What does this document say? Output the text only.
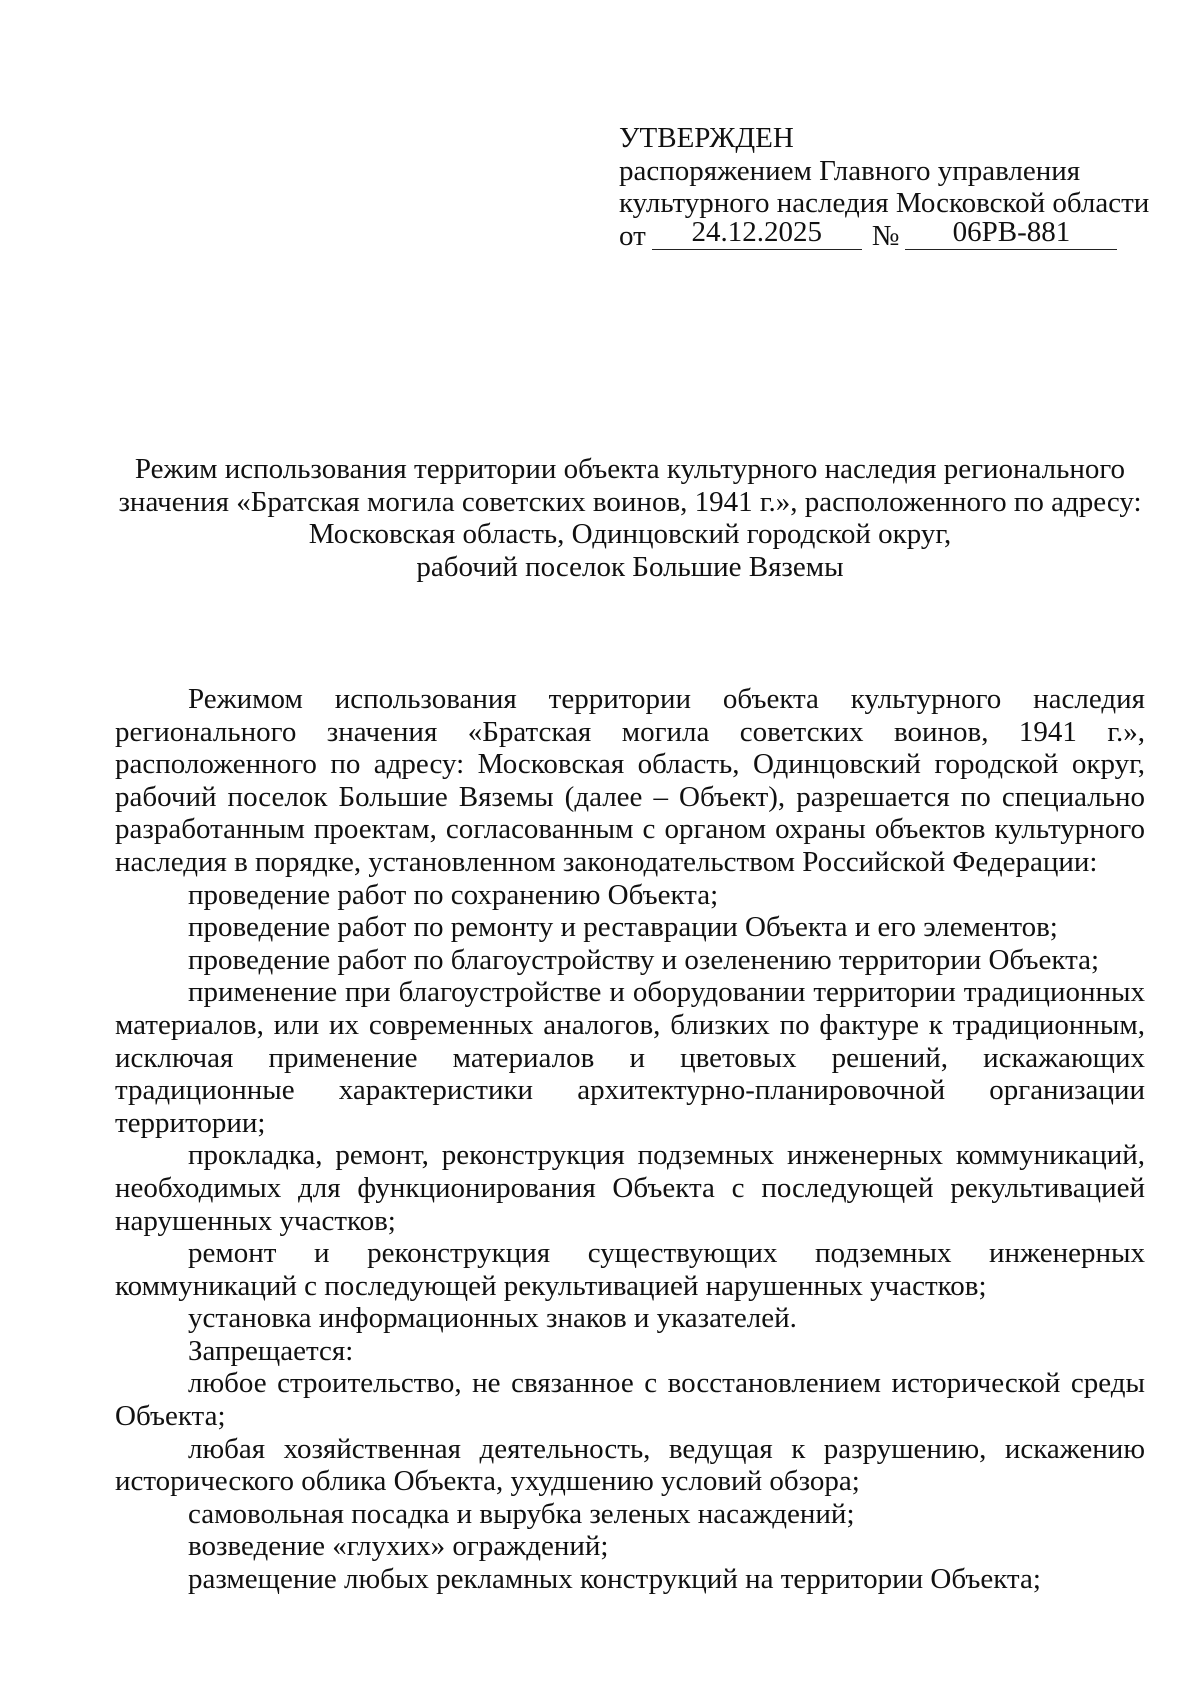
УТВЕРЖДЕН
распоряжением Главного управления
культурного наследия Московской области
от	24.12.2025	№	06РВ-881
Режим использования территории объекта культурного наследия регионального
значения «Братская могила советских воинов, 1941 г.», расположенного по адресу:
Московская область, Одинцовский городской округ,
рабочий поселок Большие Вяземы

Режимом использования территории объекта культурного наследия регионального значения «Братская могила советских воинов, 1941 г.», расположенного по адресу: Московская область, Одинцовский городской округ, рабочий поселок Большие Вяземы (далее – Объект), разрешается по специально разработанным проектам, согласованным с органом охраны объектов культурного наследия в порядке, установленном законодательством Российской Федерации:

проведение работ по сохранению Объекта;

проведение работ по ремонту и реставрации Объекта и его элементов;

проведение работ по благоустройству и озеленению территории Объекта;

применение при благоустройстве и оборудовании территории традиционных материалов, или их современных аналогов, близких по фактуре к традиционным, исключая применение материалов и цветовых решений, искажающих традиционные характеристики архитектурно-планировочной организации территории;

прокладка, ремонт, реконструкция подземных инженерных коммуникаций, необходимых для функционирования Объекта с последующей рекультивацией нарушенных участков;

ремонт и реконструкция существующих подземных инженерных коммуникаций с последующей рекультивацией нарушенных участков;

установка информационных знаков и указателей.

Запрещается:

любое строительство, не связанное с восстановлением исторической среды Объекта;

любая хозяйственная деятельность, ведущая к разрушению, искажению исторического облика Объекта, ухудшению условий обзора;

самовольная посадка и вырубка зеленых насаждений;

возведение «глухих» ограждений;

размещение любых рекламных конструкций на территории Объекта;
